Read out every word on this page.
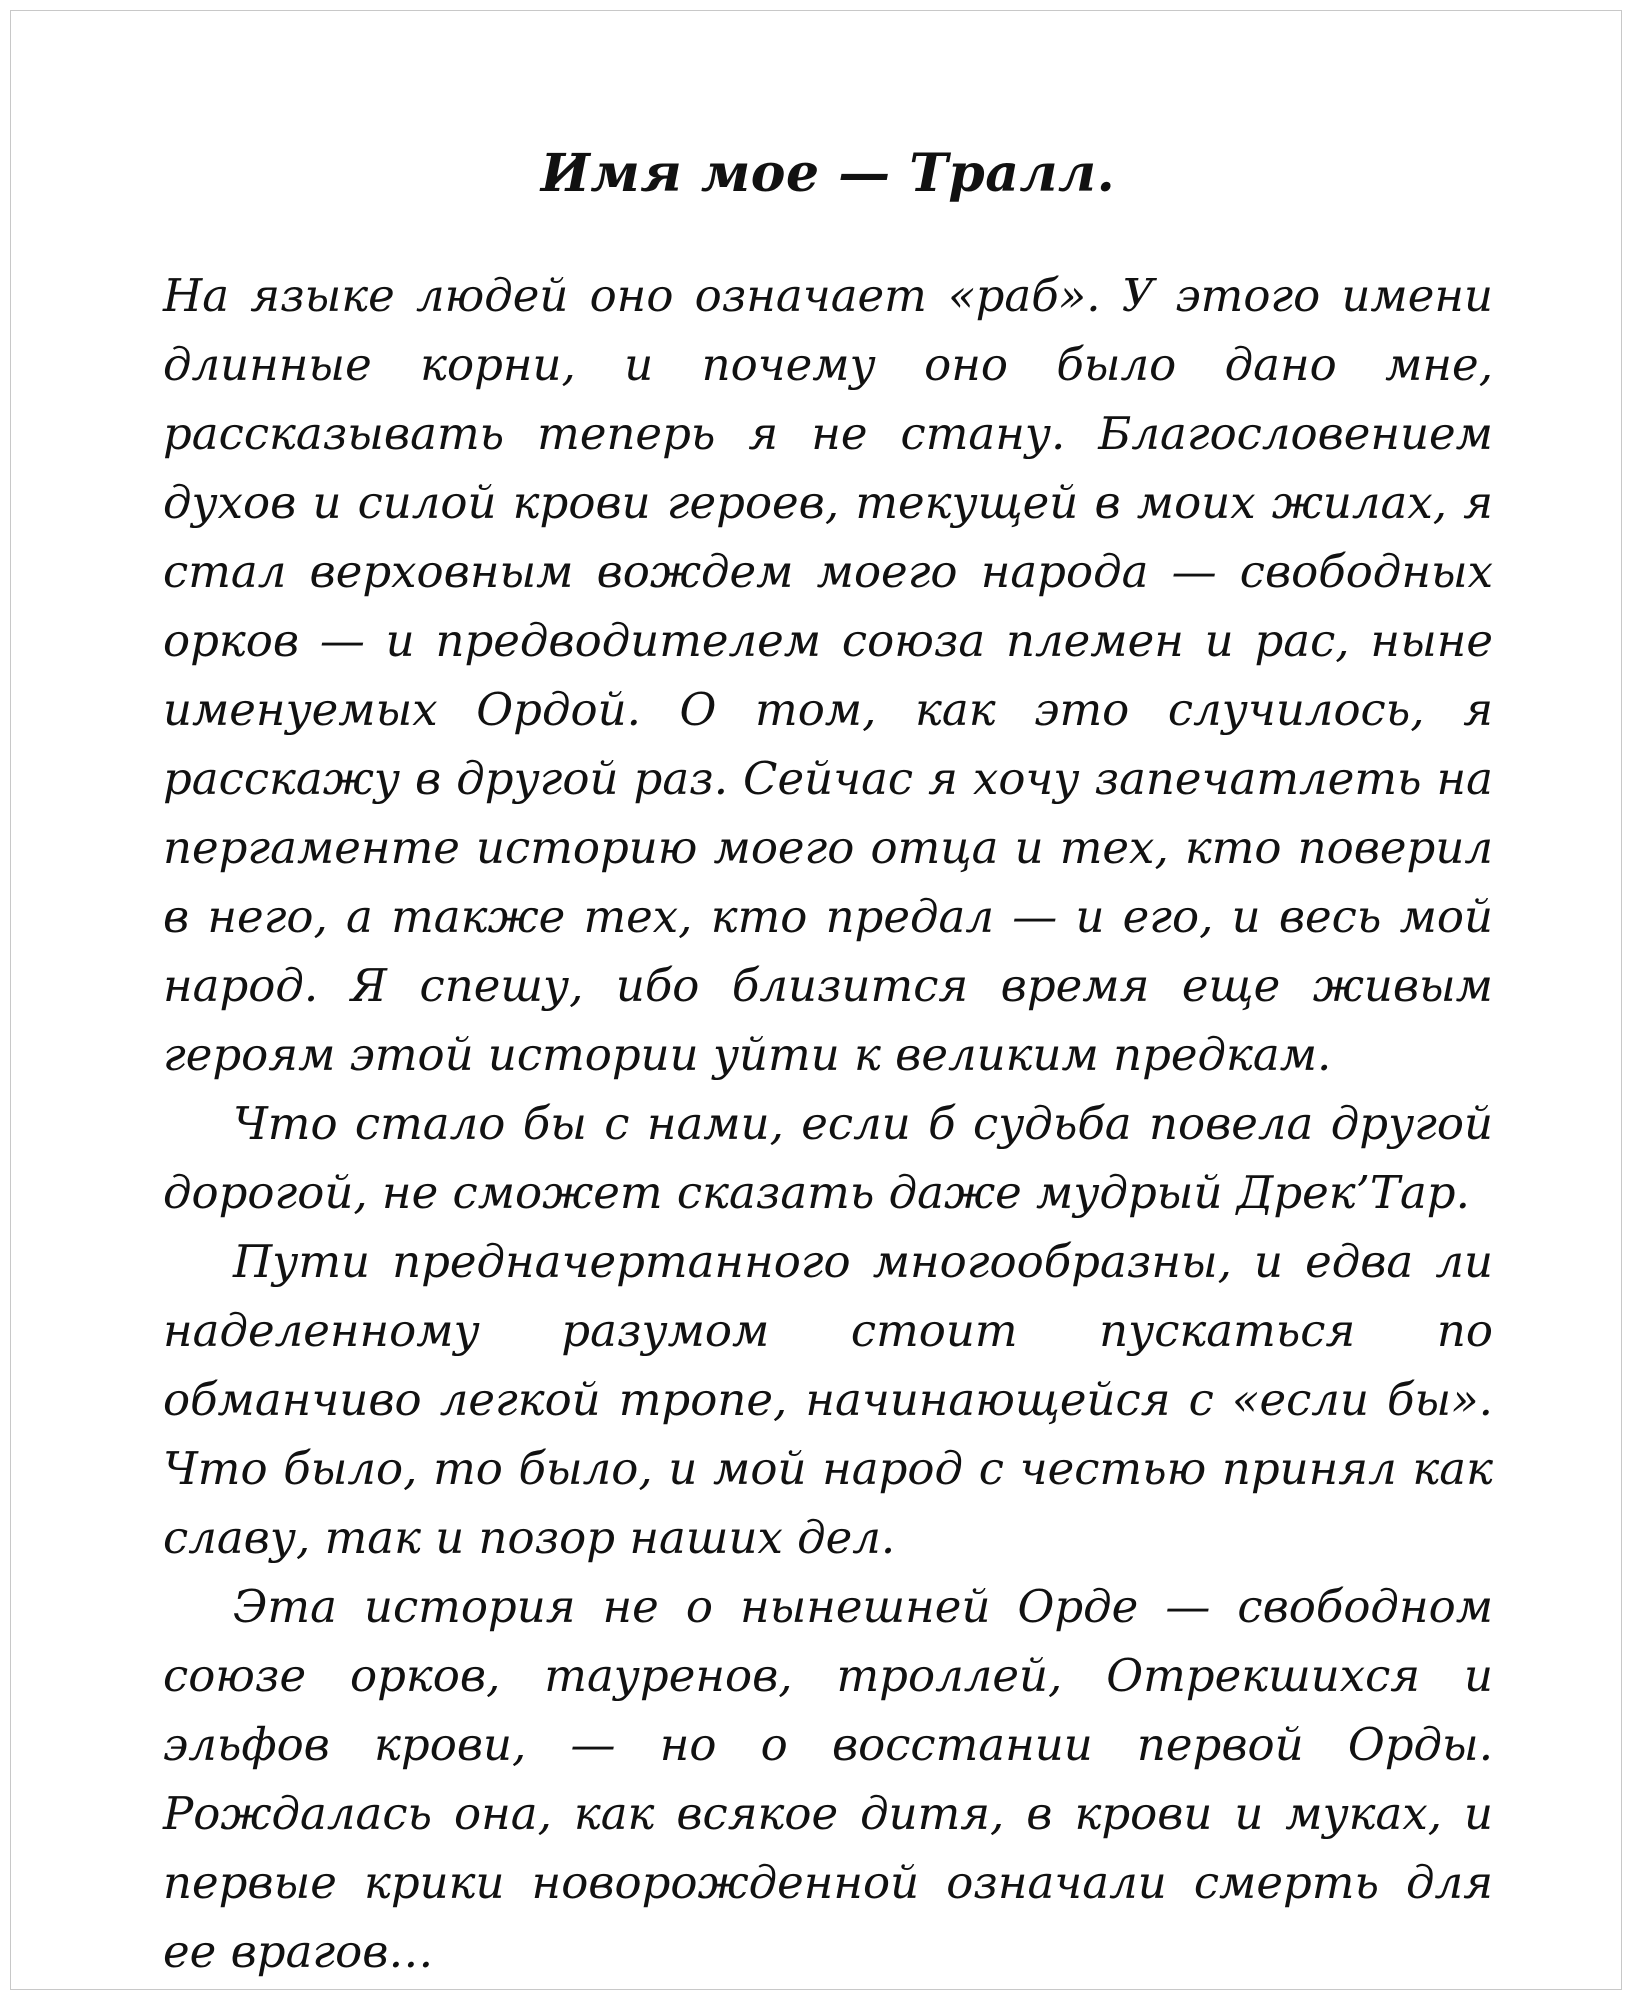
Имя мое — Тралл.

На языке людей оно означает «раб». У этого имени длинные корни, и почему оно было дано мне, рассказывать теперь я не стану. Благословением духов и силой крови героев, текущей в моих жилах, я стал верховным вождем моего народа — свободных орков — и предводителем союза племен и рас, ныне именуемых Ордой. О том, как это случилось, я расскажу в другой раз. Сейчас я хочу запечатлеть на пергаменте историю моего отца и тех, кто поверил в него, а также тех, кто предал — и его, и весь мой народ. Я спешу, ибо близится время еще живым героям этой истории уйти к великим предкам.

Что стало бы с нами, если б судьба повела другой дорогой, не сможет сказать даже мудрый Дрек’Тар.

Пути предначертанного многообразны, и едва ли наделенному разумом стоит пускаться по обманчиво легкой тропе, начинающейся с «если бы». Что было, то было, и мой народ с честью принял как славу, так и позор наших дел.

Эта история не о нынешней Орде — свободном союзе орков, тауренов, троллей, Отрекшихся и эльфов крови, — но о восстании первой Орды. Рождалась она, как всякое дитя, в крови и муках, и первые крики новорожденной означали смерть для ее врагов…
